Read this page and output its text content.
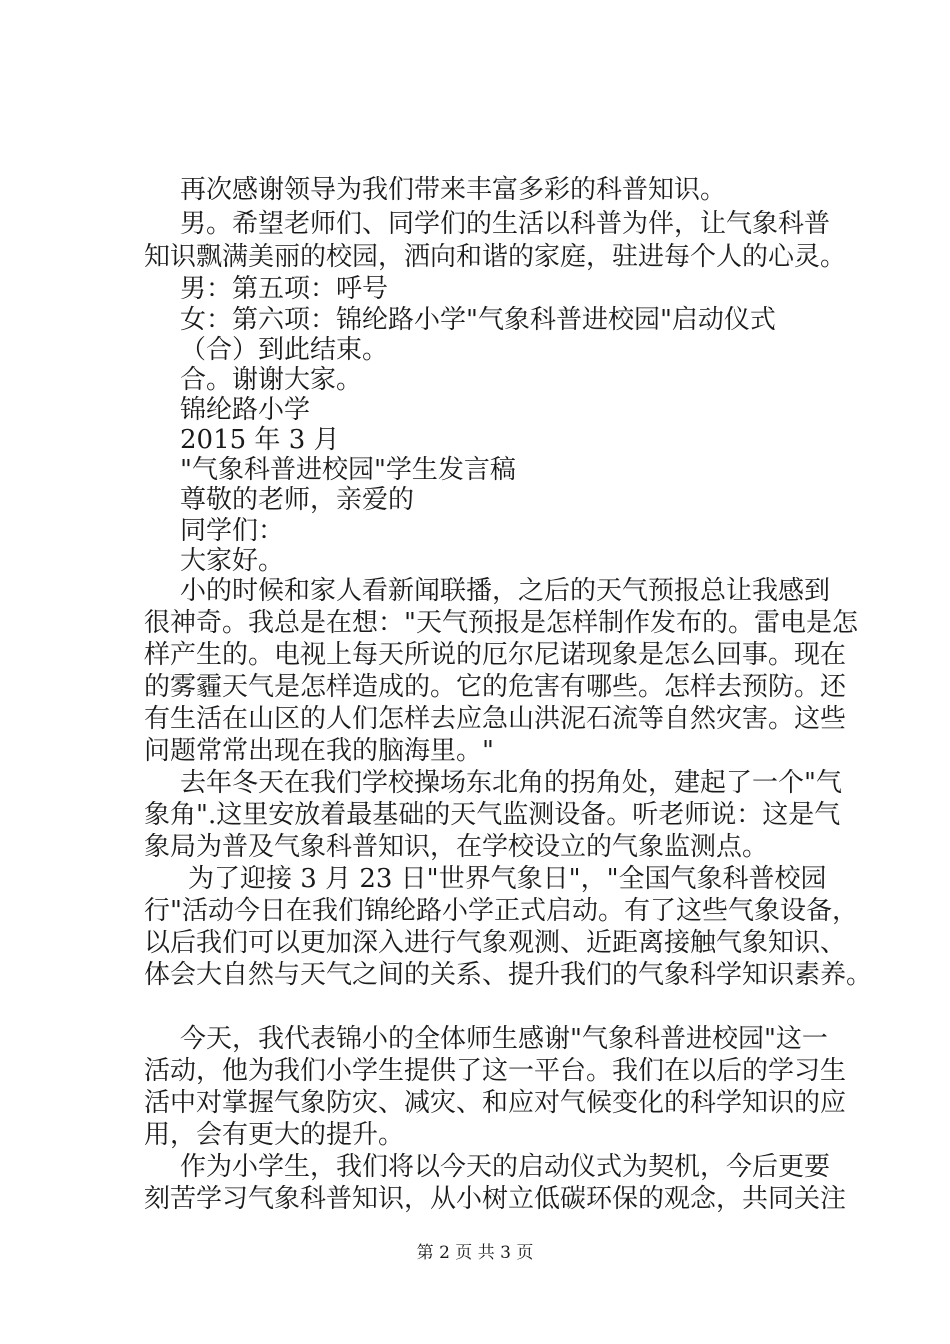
再次感谢领导为我们带来丰富多彩的科普知识。
男。希望老师们、同学们的生活以科普为伴，让气象科普
知识飘满美丽的校园，洒向和谐的家庭，驻进每个人的心灵。
男：第五项：呼号
女：第六项：锦纶路小学"气象科普进校园"启动仪式
（合）到此结束。
合。谢谢大家。
锦纶路小学
2015 年 3 月
"气象科普进校园"学生发言稿
尊敬的老师，亲爱的
同学们：
大家好。
小的时候和家人看新闻联播，之后的天气预报总让我感到
很神奇。我总是在想："天气预报是怎样制作发布的。雷电是怎
样产生的。电视上每天所说的厄尔尼诺现象是怎么回事。现在
的雾霾天气是怎样造成的。它的危害有哪些。怎样去预防。还
有生活在山区的人们怎样去应急山洪泥石流等自然灾害。这些
问题常常出现在我的脑海里。"
去年冬天在我们学校操场东北角的拐角处，建起了一个"气
象角".这里安放着最基础的天气监测设备。听老师说：这是气
象局为普及气象科普知识，在学校设立的气象监测点。
为了迎接 3 月 23 日"世界气象日"，"全国气象科普校园
行"活动今日在我们锦纶路小学正式启动。有了这些气象设备，
以后我们可以更加深入进行气象观测、近距离接触气象知识、
体会大自然与天气之间的关系、提升我们的气象科学知识素养。
今天，我代表锦小的全体师生感谢"气象科普进校园"这一
活动，他为我们小学生提供了这一平台。我们在以后的学习生
活中对掌握气象防灾、减灾、和应对气候变化的科学知识的应
用，会有更大的提升。
作为小学生，我们将以今天的启动仪式为契机，今后更要
刻苦学习气象科普知识，从小树立低碳环保的观念，共同关注
第 2 页 共 3 页
